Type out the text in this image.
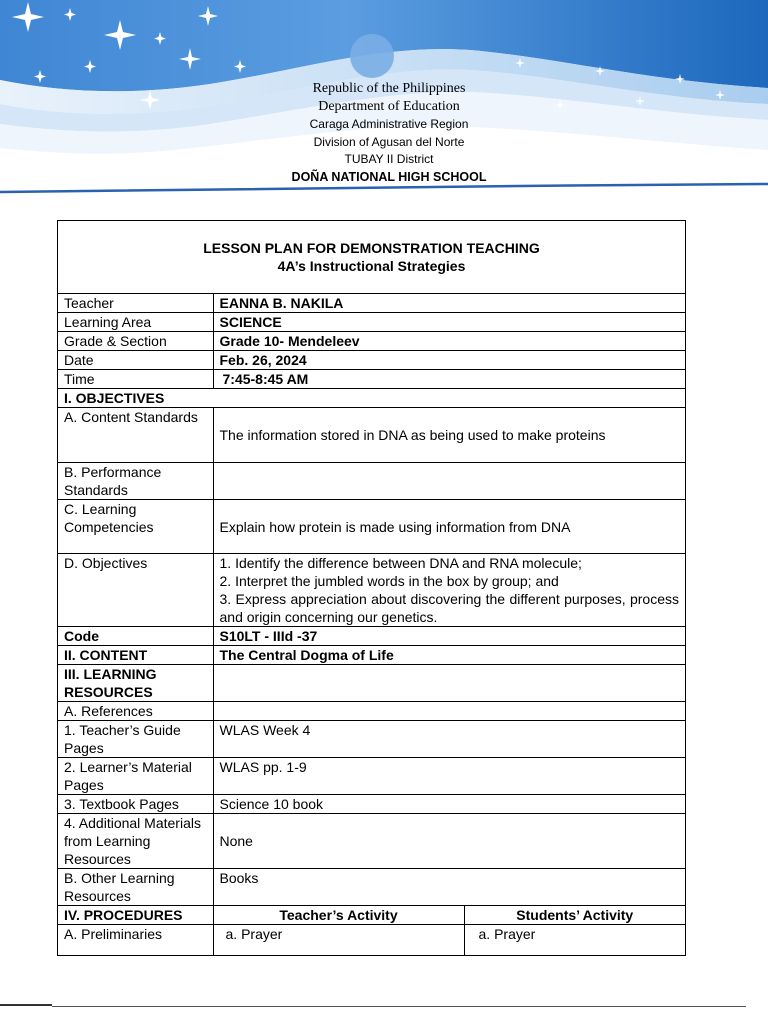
Republic of the Philippines
Department of Education
Caraga Administrative Region
Division of Agusan del Norte
TUBAY II District
DOÑA NATIONAL HIGH SCHOOL
LESSON PLAN FOR DEMONSTRATION TEACHING
4A’s Instructional Strategies
Teacher	EANNA B. NAKILA	
Learning Area	SCIENCE	
Grade & Section	Grade 10- Mendeleev	
Date	Feb. 26, 2024	
Time	7:45-8:45 AM	
I. OBJECTIVES		
A. Content Standards	The information stored in DNA as being used to make proteins	
B. Performance Standards		
C. Learning Competencies	Explain how protein is made using information from DNA	
D. Objectives	1. Identify the difference between DNA and RNA molecule;
2. Interpret the jumbled words in the box by group; and
3. Express appreciation about discovering the different purposes, process and origin concerning our genetics.	

Code	S10LT - IIId -37	
II. CONTENT	The Central Dogma of Life	
III. LEARNING RESOURCES		
A. References		
1. Teacher’s Guide Pages	WLAS Week 4	
2. Learner’s Material Pages	WLAS pp. 1-9	
3. Textbook Pages	Science 10 book	
4. Additional Materials from Learning Resources	None	
B. Other Learning Resources	Books	
IV. PROCEDURES	Teacher’s Activity	Students’ Activity
A. Preliminaries	a. Prayer	a. Prayer
